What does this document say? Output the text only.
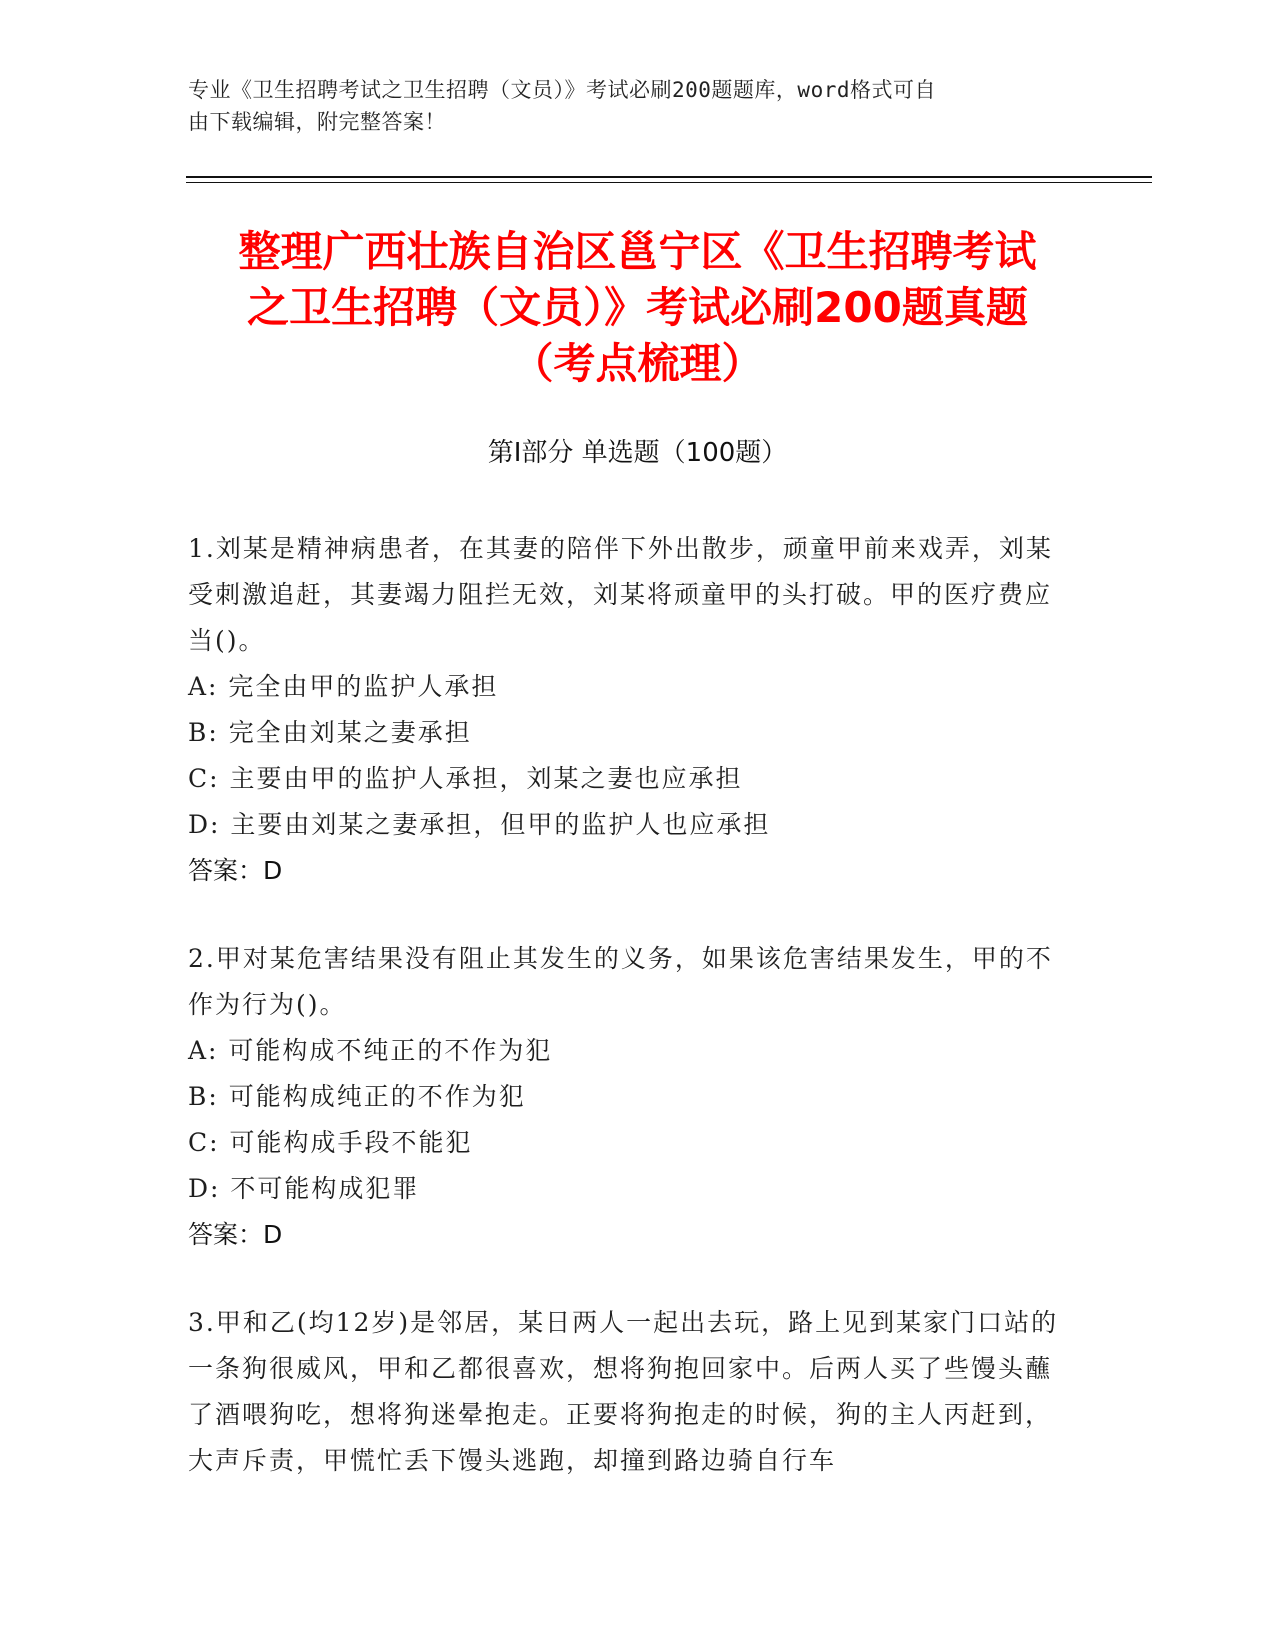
专业《卫生招聘考试之卫生招聘（文员）》考试必刷200题题库，word格式可自
由下载编辑，附完整答案！
整理广西壮族自治区邕宁区《卫生招聘考试
之卫生招聘（文员）》考试必刷200题真题
（考点梳理）
第Ⅰ部分 单选题（100题）
1.刘某是精神病患者，在其妻的陪伴下外出散步，顽童甲前来戏弄，刘某受刺激追赶，其妻竭力阻拦无效，刘某将顽童甲的头打破。甲的医疗费应当()。
A: 完全由甲的监护人承担
B: 完全由刘某之妻承担
C: 主要由甲的监护人承担，刘某之妻也应承担
D: 主要由刘某之妻承担，但甲的监护人也应承担
答案：D
2.甲对某危害结果没有阻止其发生的义务，如果该危害结果发生，甲的不作为行为()。
A: 可能构成不纯正的不作为犯
B: 可能构成纯正的不作为犯
C: 可能构成手段不能犯
D: 不可能构成犯罪
答案：D
3.甲和乙(均12岁)是邻居，某日两人一起出去玩，路上见到某家门口站的一条狗很威风，甲和乙都很喜欢，想将狗抱回家中。后两人买了些馒头蘸了酒喂狗吃，想将狗迷晕抱走。正要将狗抱走的时候，狗的主人丙赶到，大声斥责，甲慌忙丢下馒头逃跑，却撞到路边骑自行车
